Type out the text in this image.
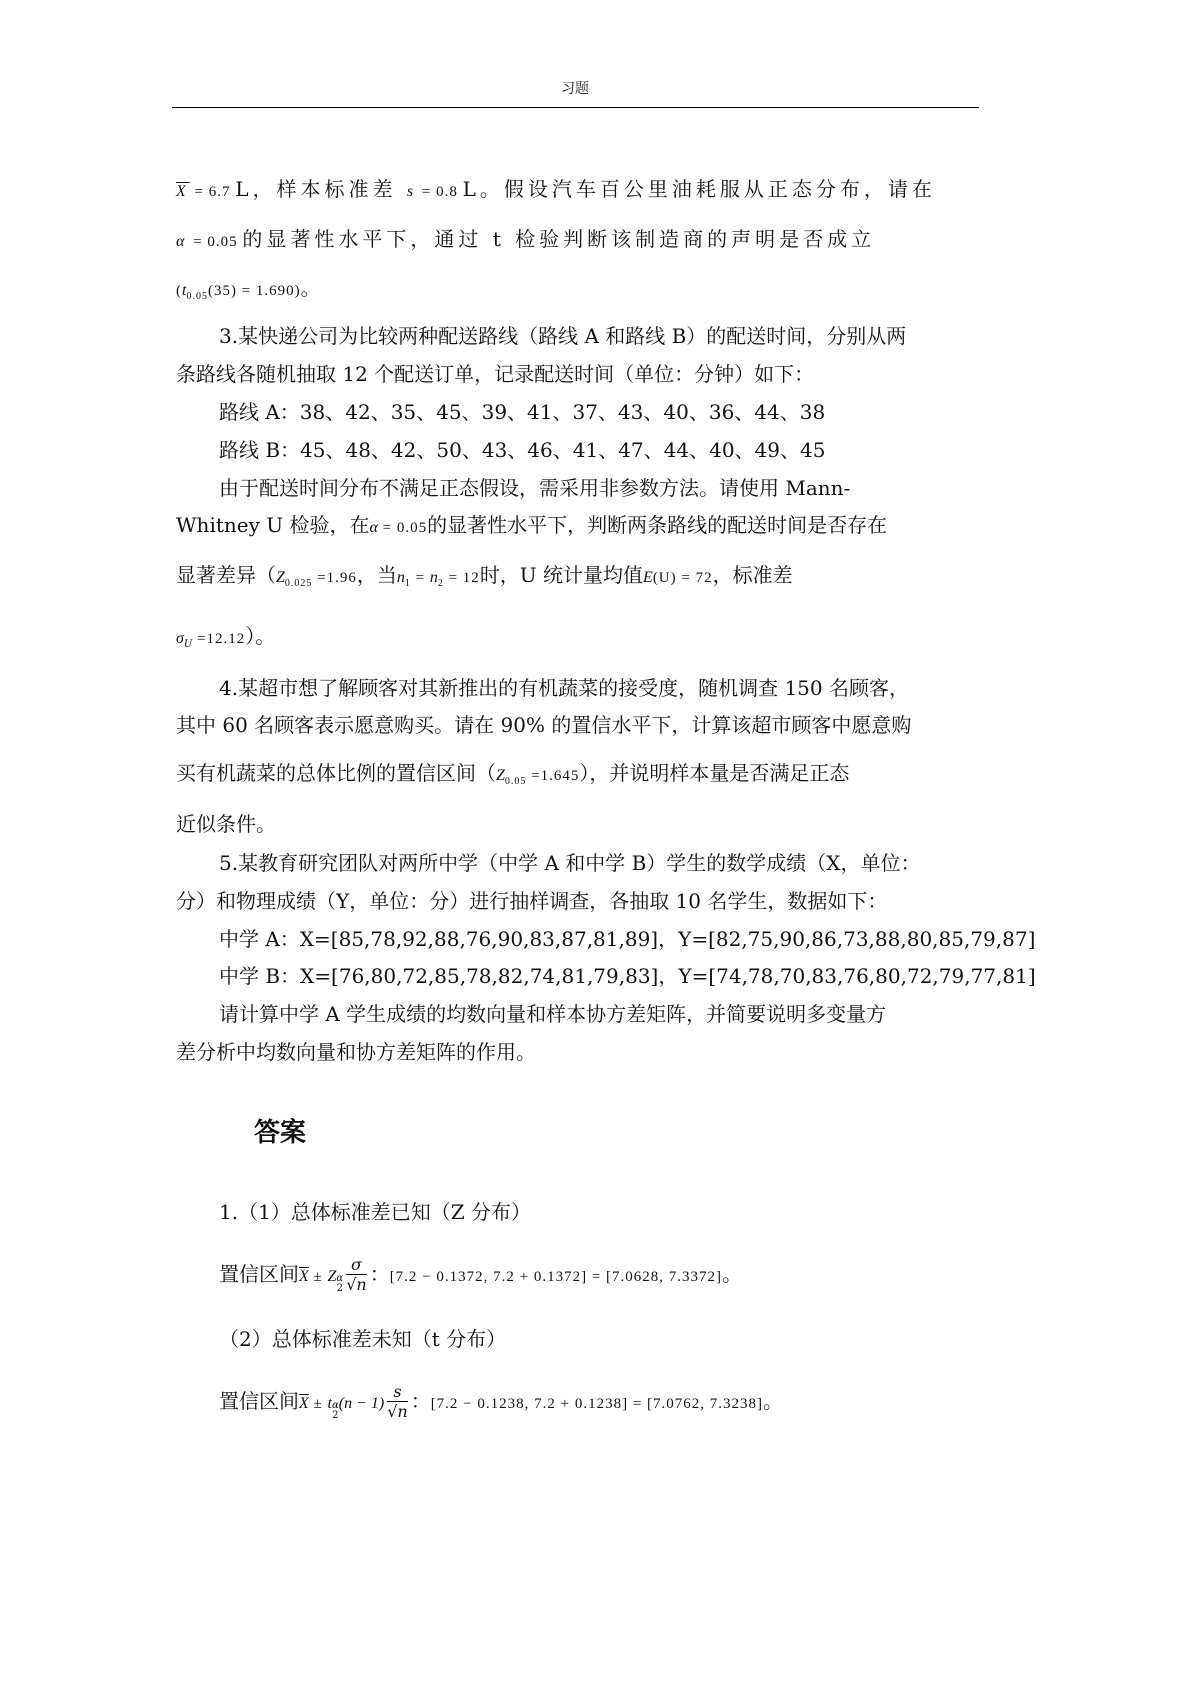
习题
$\overline{X} = 6.7$ L，样本标准差 s = 0.8 L。假设汽车百公里油耗服从正态分布，请在
α = 0.05 的显著性水平下，通过 t 检验判断该制造商的声明是否成立
$(t_{0.05}(35) = 1.690)$。
3.某快递公司为比较两种配送路线（路线 A 和路线 B）的配送时间，分别从两
条路线各随机抽取 12 个配送订单，记录配送时间（单位：分钟）如下：
路线 A：38、42、35、45、39、41、37、43、40、36、44、38
路线 B：45、48、42、50、43、46、41、47、44、40、49、45
由于配送时间分布不满足正态假设，需采用非参数方法。请使用 Mann-
Whitney U 检验，在α = 0.05的显著性水平下，判断两条路线的配送时间是否存在
显著差异（$Z_{0.025} =1.96$，当$n_1 = n_2 = 12$时，U 统计量均值E(U) = 72，标准差
$\sigma_U =12.12$）。
4.某超市想了解顾客对其新推出的有机蔬菜的接受度，随机调查 150 名顾客，
其中 60 名顾客表示愿意购买。请在 90% 的置信水平下，计算该超市顾客中愿意购
买有机蔬菜的总体比例的置信区间$(Z_{0.05} =1.645)$，并说明样本量是否满足正态
近似条件。
5.某教育研究团队对两所中学（中学 A 和中学 B）学生的数学成绩（X，单位：
分）和物理成绩（Y，单位：分）进行抽样调查，各抽取 10 名学生，数据如下：
中学 A：X=[85,78,92,88,76,90,83,87,81,89]，Y=[82,75,90,86,73,88,80,85,79,87]
中学 B：X=[76,80,72,85,78,82,74,81,79,83]，Y=[74,78,70,83,76,80,72,79,77,81]
请计算中学 A 学生成绩的均数向量和样本协方差矩阵，并简要说明多变量方
差分析中均数向量和协方差矩阵的作用。
答案
1.（1）总体标准差已知（Z 分布）
置信区间$\overline{X} \pm Z$ α
$2 \frac{\sigma}{√n}$ ：[7.2 − 0.1372, 7.2 + 0.1372] = [7.0628, 7.3372]。
（2）总体标准差未知（t 分布）
置信区间$\overline{X} \pm t$ α
2
$(n - 1) \frac{s}{√n}$ ：[7.2 − 0.1238, 7.2 + 0.1238] = [7.0762, 7.3238]。
